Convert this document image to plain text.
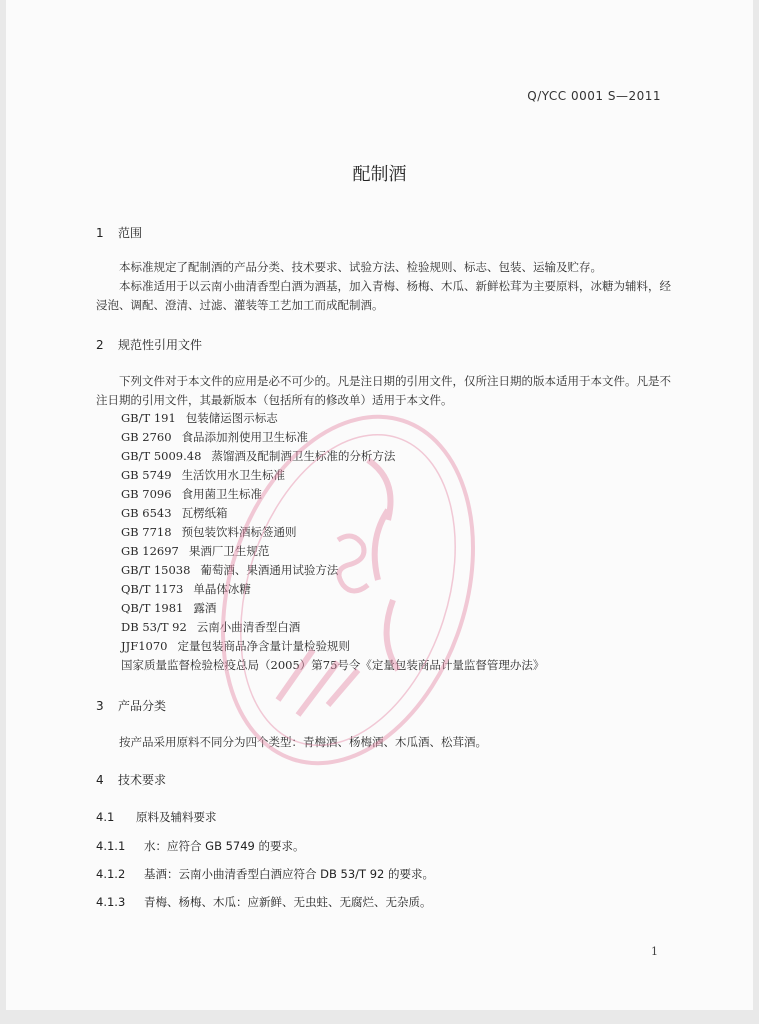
Q/YCC 0001 S—2011
配制酒
1 范围

本标准规定了配制酒的产品分类、技术要求、试验方法、检验规则、标志、包装、运输及贮存。

本标准适用于以云南小曲清香型白酒为酒基，加入青梅、杨梅、木瓜、新鲜松茸为主要原料，冰糖为辅料，经浸泡、调配、澄清、过滤、灌装等工艺加工而成配制酒。

2 规范性引用文件

下列文件对于本文件的应用是必不可少的。凡是注日期的引用文件，仅所注日期的版本适用于本文件。凡是不注日期的引用文件，其最新版本（包括所有的修改单）适用于本文件。

GB/T 191 包装储运图示标志
GB 2760 食品添加剂使用卫生标准
GB/T 5009.48 蒸馏酒及配制酒卫生标准的分析方法
GB 5749 生活饮用水卫生标准
GB 7096 食用菌卫生标准
GB 6543 瓦楞纸箱
GB 7718 预包装饮料酒标签通则
GB 12697 果酒厂卫生规范
GB/T 15038 葡萄酒、果酒通用试验方法
QB/T 1173 单晶体冰糖
QB/T 1981 露酒
DB 53/T 92 云南小曲清香型白酒
JJF1070 定量包装商品净含量计量检验规则
国家质量监督检验检疫总局（2005）第75号令《定量包装商品计量监督管理办法》
3 产品分类

按产品采用原料不同分为四个类型：青梅酒、杨梅酒、木瓜酒、松茸酒。

4 技术要求
4.1 原料及辅料要求
4.1.1 水：应符合 GB 5749 的要求。
4.1.2 基酒：云南小曲清香型白酒应符合 DB 53/T 92 的要求。
4.1.3 青梅、杨梅、木瓜：应新鲜、无虫蛀、无腐烂、无杂质。
1
